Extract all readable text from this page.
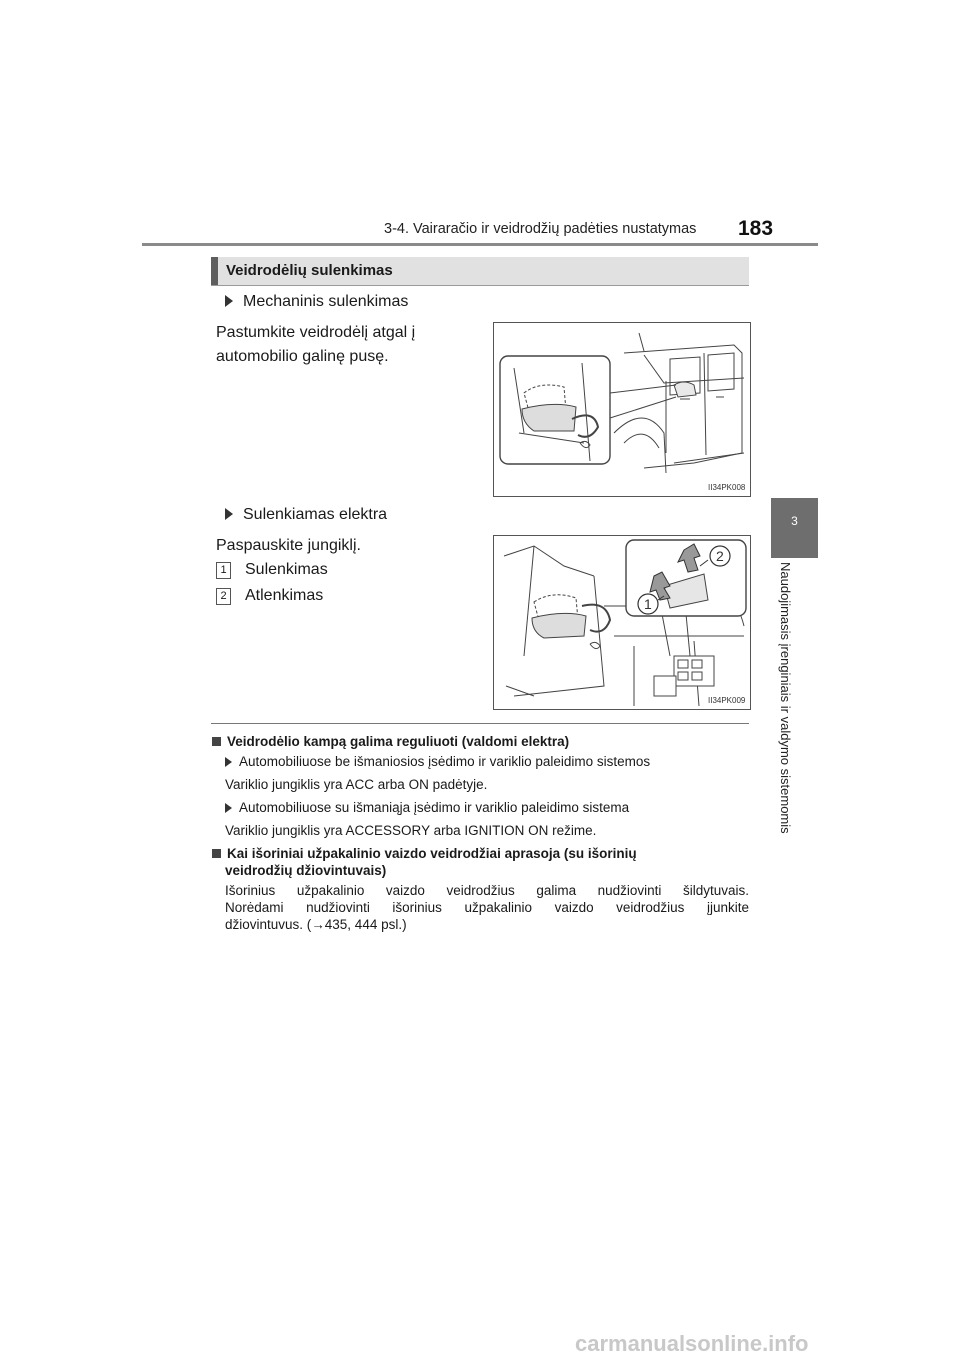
3-4. Vairaračio ir veidrodžių padėties nustatymas 183
3
Naudojimasis įrenginiais ir valdymo sistemomis
Veidrodėlių sulenkimas
Mechaninis sulenkimas
Pastumkite veidrodėlį atgal į
automobilio galinę pusę.
II34PK008
Sulenkiamas elektra
Paspauskite jungiklį.
1 Sulenkimas
2 Atlenkimas
2
1
II34PK009
Veidrodėlio kampą galima reguliuoti (valdomi elektra)
Automobiliuose be išmaniosios įsėdimo ir variklio paleidimo sistemos
Variklio jungiklis yra ACC arba ON padėtyje.
Automobiliuose su išmaniąja įsėdimo ir variklio paleidimo sistema
Variklio jungiklis yra ACCESSORY arba IGNITION ON režime.
Kai išoriniai užpakalinio vaizdo veidrodžiai aprasoja (su išorinių
veidrodžių džiovintuvais)
Išorinius užpakalinio vaizdo veidrodžius galima nudžiovinti šildytuvais.
Norėdami nudžiovinti išorinius užpakalinio vaizdo veidrodžius įjunkite
džiovintuvus. (→435, 444 psl.)
carmanualsonline.info
